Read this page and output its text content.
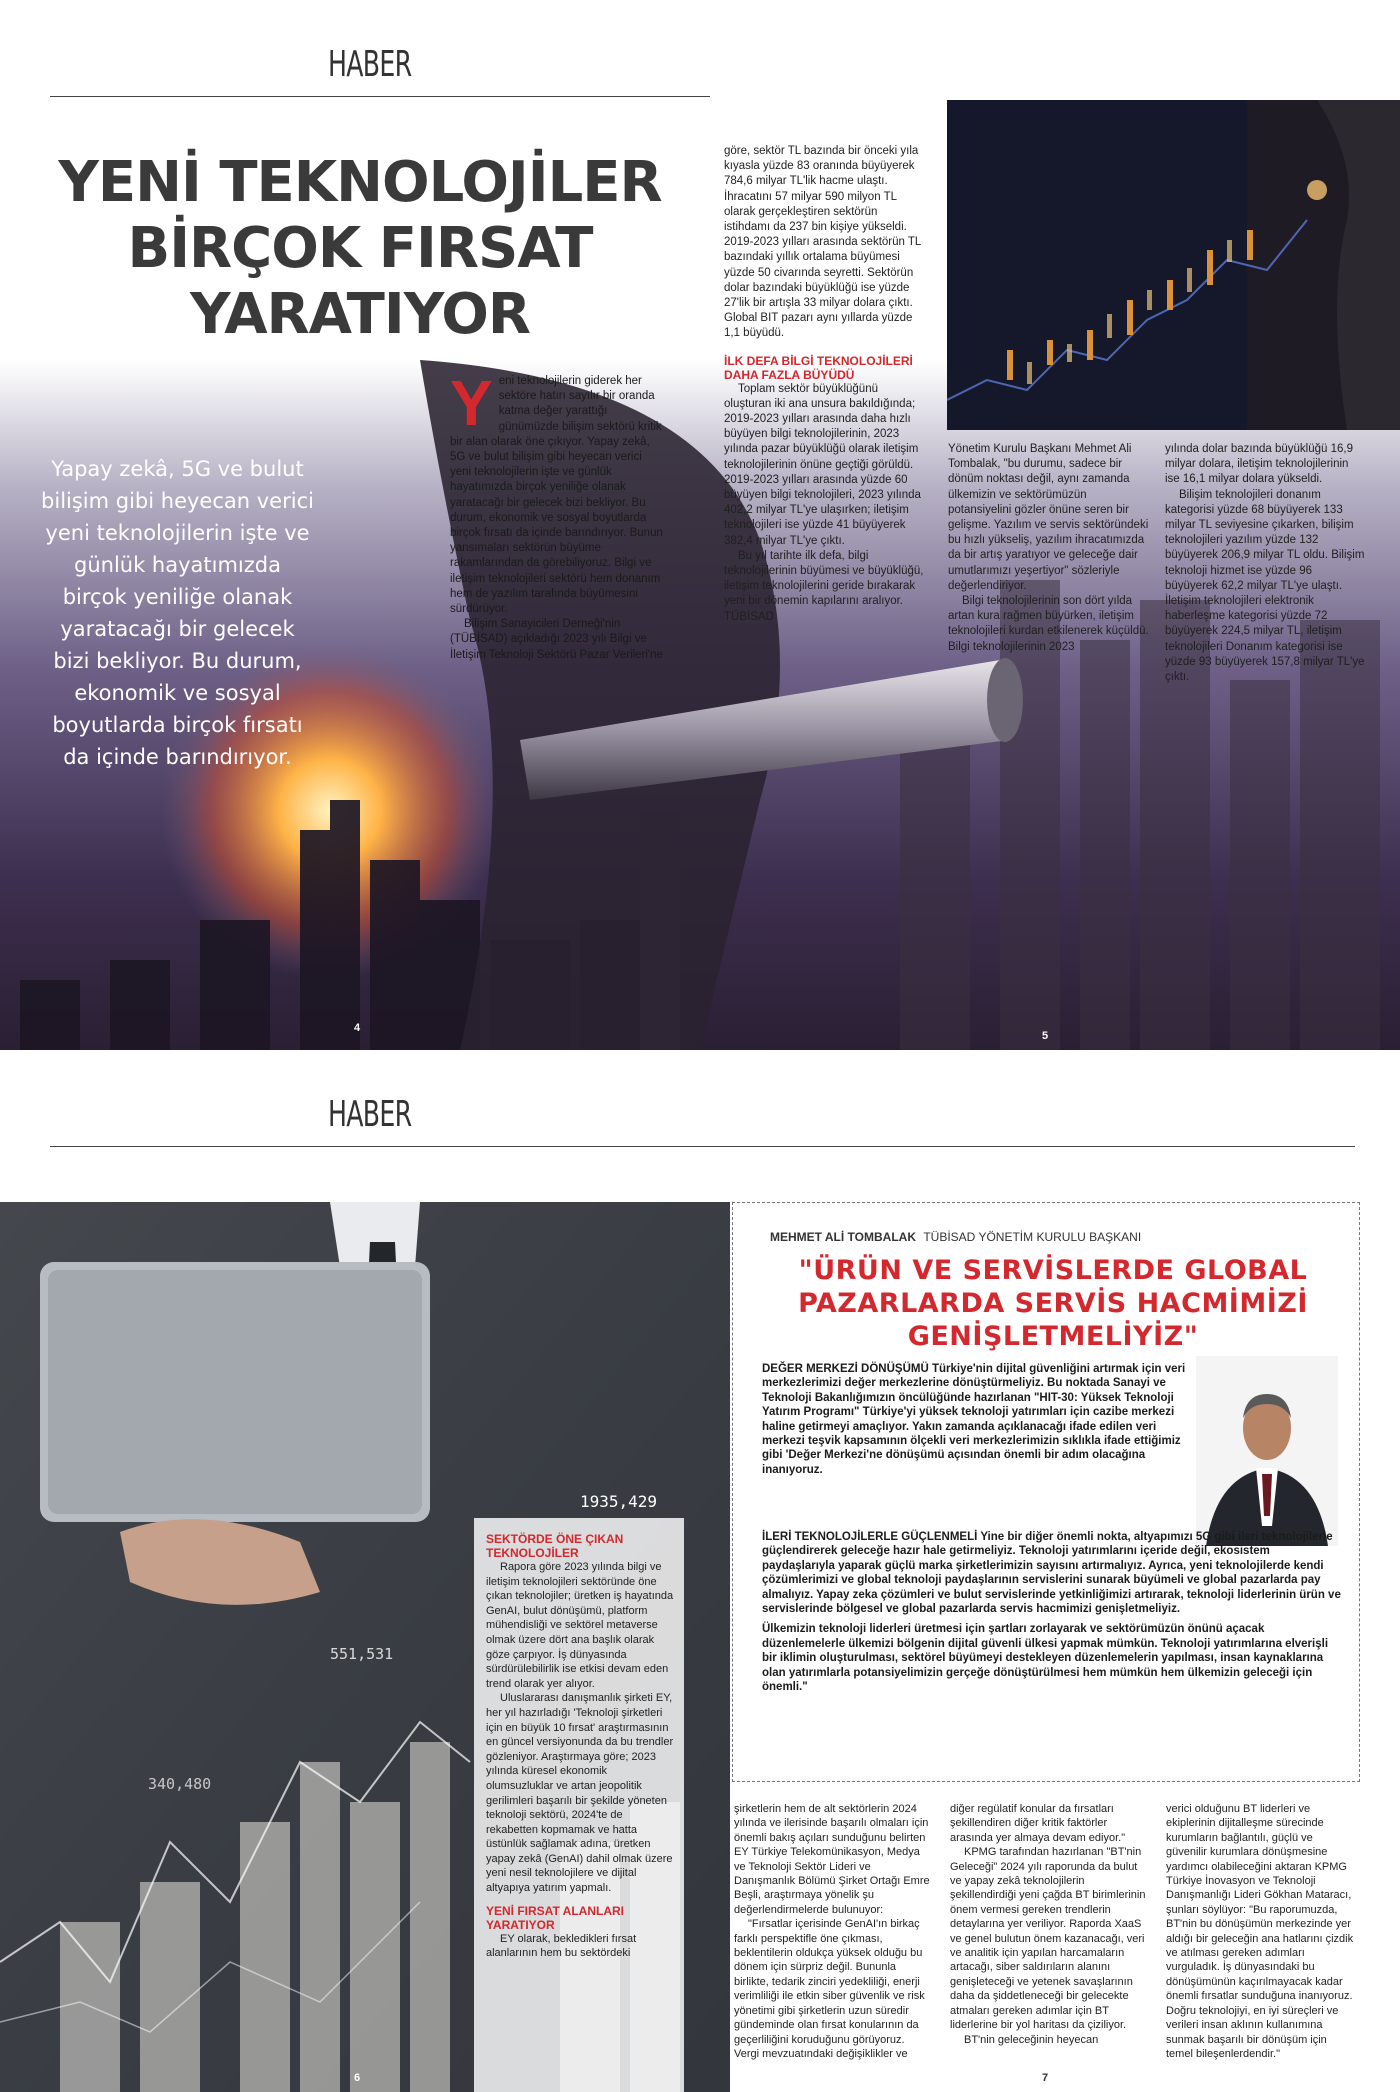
HABER
YENİ TEKNOLOJİLER
BİRÇOK FIRSAT
YARATIYOR
Yapay zekâ, 5G ve bulut bilişim gibi heyecan verici yeni teknolojilerin işte ve günlük hayatımızda birçok yeniliğe olanak yaratacağı bir gelecek bizi bekliyor. Bu durum, ekonomik ve sosyal boyutlarda birçok fırsatı da içinde barındırıyor.
Y eni teknolojilerin giderek her sektöre hatırı sayılır bir oranda katma değer yarattığı günümüzde bilişim sektörü kritik bir alan olarak öne çıkıyor. Yapay zekâ, 5G ve bulut bilişim gibi heyecan verici yeni teknolojilerin işte ve günlük hayatımızda birçok yeniliğe olanak yaratacağı bir gelecek bizi bekliyor. Bu durum, ekonomik ve sosyal boyutlarda birçok fırsatı da içinde barındırıyor. Bunun yansımaları sektörün büyüme rakamlarından da görebiliyoruz. Bilgi ve iletişim teknolojileri sektörü hem donanım hem de yazılım tarafında büyümesini sürdürüyor.

Bilişim Sanayicileri Derneği'nin (TÜBİSAD) açıkladığı 2023 yılı Bilgi ve İletişim Teknoloji Sektörü Pazar Verileri'ne

göre, sektör TL bazında bir önceki yıla kıyasla yüzde 83 oranında büyüyerek 784,6 milyar TL'lik hacme ulaştı. İhracatını 57 milyar 590 milyon TL olarak gerçekleştiren sektörün istihdamı da 237 bin kişiye yükseldi. 2019-2023 yılları arasında sektörün TL bazındaki yıllık ortalama büyümesi yüzde 50 civarında seyretti. Sektörün dolar bazındaki büyüklüğü ise yüzde 27'lik bir artışla 33 milyar dolara çıktı. Global BIT pazarı aynı yıllarda yüzde 1,1 büyüdü.

İLK DEFA BİLGİ TEKNOLOJİLERİ DAHA FAZLA BÜYÜDÜ

Toplam sektör büyüklüğünü oluşturan iki ana unsura bakıldığında; 2019-2023 yılları arasında daha hızlı büyüyen bilgi teknolojilerinin, 2023 yılında pazar büyüklüğü olarak iletişim teknolojilerinin önüne geçtiği görüldü. 2019-2023 yılları arasında yüzde 60 büyüyen bilgi teknolojileri, 2023 yılında 402,2 milyar TL'ye ulaşırken; iletişim teknolojileri ise yüzde 41 büyüyerek 382,4 milyar TL'ye çıktı.

Bu yıl tarihte ilk defa, bilgi teknolojilerinin büyümesi ve büyüklüğü, iletişim teknolojilerini geride bırakarak yeni bir dönemin kapılarını aralıyor. TÜBİSAD

Yönetim Kurulu Başkanı Mehmet Ali Tombalak, "bu durumu, sadece bir dönüm noktası değil, aynı zamanda ülkemizin ve sektörümüzün potansiyelini gözler önüne seren bir gelişme. Yazılım ve servis sektöründeki bu hızlı yükseliş, yazılım ihracatımızda da bir artış yaratıyor ve geleceğe dair umutlarımızı yeşertiyor" sözleriyle değerlendiriyor.

Bilgi teknolojilerinin son dört yılda artan kura rağmen büyürken, iletişim teknolojileri kurdan etkilenerek küçüldü. Bilgi teknolojilerinin 2023

yılında dolar bazında büyüklüğü 16,9 milyar dolara, iletişim teknolojilerinin ise 16,1 milyar dolara yükseldi.

Bilişim teknolojileri donanım kategorisi yüzde 68 büyüyerek 133 milyar TL seviyesine çıkarken, bilişim teknolojileri yazılım yüzde 132 büyüyerek 206,9 milyar TL oldu. Bilişim teknoloji hizmet ise yüzde 96 büyüyerek 62,2 milyar TL'ye ulaştı. İletişim teknolojileri elektronik haberleşme kategorisi yüzde 72 büyüyerek 224,5 milyar TL, iletişim teknolojileri Donanım kategorisi ise yüzde 93 büyüyerek 157,8 milyar TL'ye çıktı.

4
5
HABER
1935,429
551,531
340,480
SEKTÖRDE ÖNE ÇIKAN TEKNOLOJİLER

Rapora göre 2023 yılında bilgi ve iletişim teknolojileri sektöründe öne çıkan teknolojiler; üretken iş hayatında GenAI, bulut dönüşümü, platform mühendisliği ve sektörel metaverse olmak üzere dört ana başlık olarak göze çarpıyor. İş dünyasında sürdürülebilirlik ise etkisi devam eden trend olarak yer alıyor.

Uluslararası danışmanlık şirketi EY, her yıl hazırladığı 'Teknoloji şirketleri için en büyük 10 fırsat' araştırmasının en güncel versiyonunda da bu trendler gözleniyor. Araştırmaya göre; 2023 yılında küresel ekonomik olumsuzluklar ve artan jeopolitik gerilimleri başarılı bir şekilde yöneten teknoloji sektörü, 2024'te de rekabetten kopmamak ve hatta üstünlük sağlamak adına, üretken yapay zekâ (GenAI) dahil olmak üzere yeni nesil teknolojilere ve dijital altyapıya yatırım yapmalı.

YENİ FIRSAT ALANLARI YARATIYOR

EY olarak, beklediklerі fırsat alanlarının hem bu sektördeki

MEHMET ALİ TOMBALAK TÜBİSAD YÖNETİM KURULU BAŞKANI
"ÜRÜN VE SERVİSLERDE GLOBAL PAZARLARDA SERVİS HACMİMİZİ GENİŞLETMELİYİZ"
DEĞER MERKEZİ DÖNÜŞÜMÜ Türkiye'nin dijital güvenliğini artırmak için veri merkezlerimizi değer merkezlerine dönüştürmeliyiz. Bu noktada Sanayi ve Teknoloji Bakanlığımızın öncülüğünde hazırlanan "HIT-30: Yüksek Teknoloji Yatırım Programı" Türkiye'yi yüksek teknoloji yatırımları için cazibe merkezi haline getirmeyi amaçlıyor. Yakın zamanda açıklanacağı ifade edilen veri merkezi teşvik kapsamının ölçekli veri merkezlerimizin sıklıkla ifade ettiğimiz gibi 'Değer Merkezi'ne dönüşümü açısından önemli bir adım olacağına inanıyoruz.
İLERİ TEKNOLOJİLERLE GÜÇLENMELİ Yine bir diğer önemli nokta, altyapımızı 5G gibi ileri teknolojilerle güçlendirerek geleceğe hazır hale getirmeliyiz. Teknoloji yatırımlarını içeride değil, ekosistem paydaşlarıyla yaparak güçlü marka şirketlerimizin sayısını artırmalıyız. Ayrıca, yeni teknolojilerde kendi çözümlerimizi ve global teknoloji paydaşlarının servislerini sunarak büyümeli ve global pazarlarda pay almalıyız. Yapay zeka çözümleri ve bulut servislerinde yetkinliğimizi artırarak, teknoloji liderlerinin ürün ve servislerinde bölgesel ve global pazarlarda servis hacmimizi genişletmeliyiz.
Ülkemizin teknoloji liderleri üretmesi için şartları zorlayarak ve sektörümüzün önünü açacak düzenlemelerle ülkemizi bölgenin dijital güvenli ülkesi yapmak mümkün. Teknoloji yatırımlarına elverişli bir iklimin oluşturulması, sektörel büyümeyi destekleyen düzenlemelerin yapılması, insan kaynaklarına olan yatırımlarla potansiyelimizin gerçeğe dönüştürülmesi hem mümkün hem ülkemizin geleceği için önemli."

şirketlerin hem de alt sektörlerin 2024 yılında ve ilerisinde başarılı olmaları için önemli bakış açıları sunduğunu belirten EY Türkiye Telekomünikasyon, Medya ve Teknoloji Sektör Lideri ve Danışmanlık Bölümü Şirket Ortağı Emre Beşli, araştırmaya yönelik şu değerlendirmelerde bulunuyor:

"Fırsatlar içerisinde GenAI'ın birkaç farklı perspektifle öne çıkması, beklentilerin oldukça yüksek olduğu bu dönem için sürpriz değil. Bununla birlikte, tedarik zinciri yedekliliği, enerji verimliliği ile etkin siber güvenlik ve risk yönetimi gibi şirketlerin uzun süredir gündeminde olan fırsat konularının da geçerliliğini koruduğunu görüyoruz. Vergi mevzuatındaki değişiklikler ve

diğer regülatif konular da fırsatları şekillendiren diğer kritik faktörler arasında yer almaya devam ediyor."

KPMG tarafından hazırlanan "BT'nin Geleceği" 2024 yılı raporunda da bulut ve yapay zekâ teknolojilerin şekillendirdiği yeni çağda BT birimlerinin önem vermesi gereken trendlerin detaylarına yer veriliyor. Raporda XaaS ve genel bulutun önem kazanacağı, veri ve analitik için yapılan harcamaların artacağı, siber saldırıların alanını genişleteceği ve yetenek savaşlarının daha da şiddetleneceği bir gelecekte atmaları gereken adımlar için BT liderlerine bir yol haritası da çiziliyor.

BT'nin geleceğinin heyecan

verici olduğunu BT liderleri ve ekiplerinin dijitalleşme sürecinde kurumların bağlantılı, güçlü ve güvenilir kurumlara dönüşmesine yardımcı olabileceğini aktaran KPMG Türkiye İnovasyon ve Teknoloji Danışmanlığı Lideri Gökhan Mataracı, şunları söylüyor: "Bu raporumuzda, BT'nin bu dönüşümün merkezinde yer aldığı bir geleceğin ana hatlarını çizdik ve atılması gereken adımları vurguladık. İş dünyasındaki bu dönüşümünün kaçırılmayacak kadar önemli fırsatlar sunduğuna inanıyoruz. Doğru teknolojiyi, en iyi süreçleri ve verileri insan aklının kullanımına sunmak başarılı bir dönüşüm için temel bileşenlerdendir."

6	7
